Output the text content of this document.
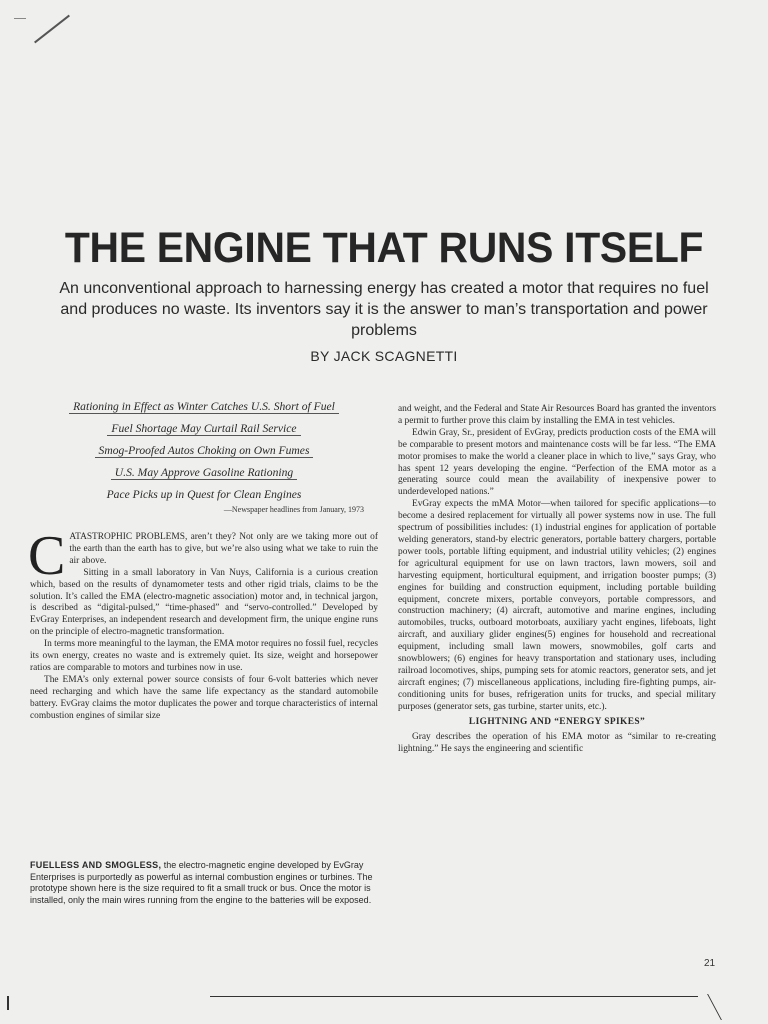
THE ENGINE THAT RUNS ITSELF
An unconventional approach to harnessing energy has created a motor that requires no fuel and produces no waste. Its inventors say it is the answer to man’s transportation and power problems
BY JACK SCAGNETTI
Rationing in Effect as Winter Catches U.S. Short of Fuel
Fuel Shortage May Curtail Rail Service
Smog-Proofed Autos Choking on Own Fumes
U.S. May Approve Gasoline Rationing
Pace Picks up in Quest for Clean Engines
—Newspaper headlines from January, 1973

CATASTROPHIC PROBLEMS, aren’t they? Not only are we taking more out of the earth than the earth has to give, but we’re also using what we take to ruin the air above.

Sitting in a small laboratory in Van Nuys, California is a curious creation which, based on the results of dynamometer tests and other rigid trials, claims to be the solution. It’s called the EMA (electro-magnetic association) motor and, in technical jargon, is described as “digital-pulsed,” “time-phased” and “servo-controlled.” Developed by EvGray Enterprises, an independent research and development firm, the unique engine runs on the principle of electro-magnetic transformation.

In terms more meaningful to the layman, the EMA motor requires no fossil fuel, recycles its own energy, creates no waste and is extremely quiet. Its size, weight and horsepower ratios are comparable to motors and turbines now in use.

The EMA’s only external power source consists of four 6-volt batteries which never need recharging and which have the same life expectancy as the standard automobile battery. EvGray claims the motor duplicates the power and torque characteristics of internal combustion engines of similar size

FUELLESS AND SMOGLESS, the electro-magnetic engine developed by EvGray Enterprises is purportedly as powerful as internal combustion engines or turbines. The prototype shown here is the size required to fit a small truck or bus. Once the motor is installed, only the main wires running from the engine to the batteries will be exposed.

and weight, and the Federal and State Air Resources Board has granted the inventors a permit to further prove this claim by installing the EMA in test vehicles.

Edwin Gray, Sr., president of EvGray, predicts production costs of the EMA will be comparable to present motors and maintenance costs will be far less. “The EMA motor promises to make the world a cleaner place in which to live,” says Gray, who has spent 12 years developing the engine. “Perfection of the EMA motor as a generating source could mean the availability of inexpensive power to underdeveloped nations.”

EvGray expects the mMA Motor—when tailored for specific applications—to become a desired replacement for virtually all power systems now in use. The full spectrum of possibilities includes: (1) industrial engines for application of portable welding generators, stand-by electric generators, portable battery chargers, portable power tools, portable lifting equipment, and industrial utility vehicles; (2) engines for agricultural equipment for use on lawn tractors, lawn mowers, soil and harvesting equipment, horticultural equipment, and irrigation booster pumps; (3) engines for building and construction equipment, including portable building equipment, concrete mixers, portable conveyors, portable compressors, and construction machinery; (4) aircraft, automotive and marine engines, including automobiles, trucks, outboard motorboats, auxiliary yacht engines, lifeboats, light aircraft, and auxiliary glider engines(5) engines for household and recreational equipment, including small lawn mowers, snowmobiles, golf carts and snowblowers; (6) engines for heavy transportation and stationary uses, including railroad locomotives, ships, pumping sets for atomic reactors, generator sets, and jet aircraft engines; (7) miscellaneous applications, including fire-fighting pumps, air-conditioning units for buses, refrigeration units for trucks, and special military purposes (generator sets, gas turbine, starter units, etc.).

LIGHTNING AND “ENERGY SPIKES”

Gray describes the operation of his EMA motor as “similar to re-creating lightning.” He says the engineering and scientific

21
